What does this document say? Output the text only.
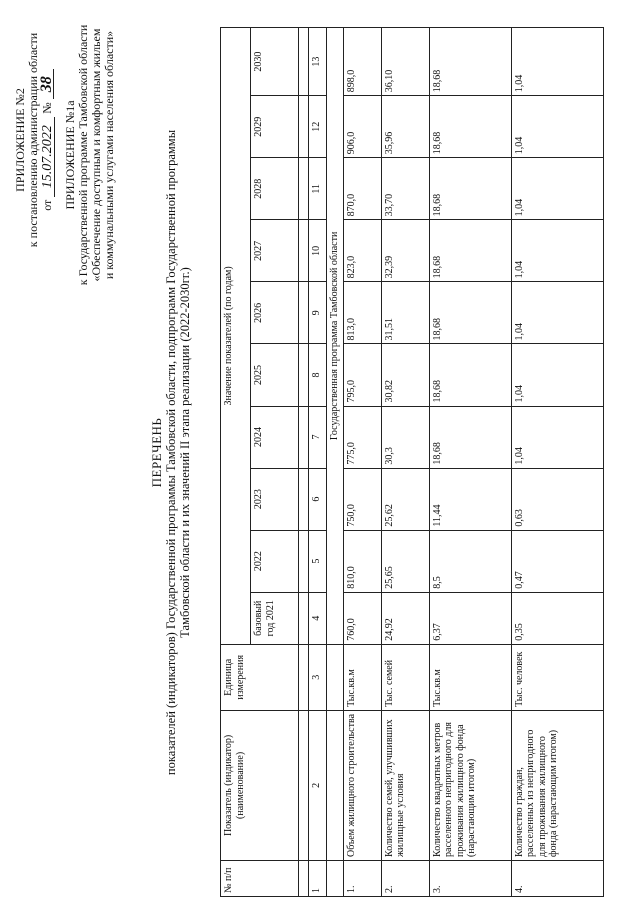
ПРИЛОЖЕНИЕ №2 к постановлению администрации области от 15.07.2022 № 38
ПРИЛОЖЕНИЕ №1а к Государственной программе Тамбовской области «Обеспечение доступным и комфортным жильем и коммунальными услугами населения области»
ПЕРЕЧЕНЬ показателей (индикаторов) Государственной программы Тамбовской области, подпрограмм Государственной программы Тамбовской области и их значений II этапа реализации (2022-2030гг.)
№ п/п	Показатель (индикатор) (наименование)	Единица измерения	Значение показателей (по годам)									
			базовый год 2021	2022	2023	2024	2025	2026	2027	2028	2029	2030

1	2	3	4	5	6	7	8	9	10	11	12	13
			Государственная программа Тамбовской области									
1.	Объем жилищного строительства	Тыс.кв.м	760,0	810,0	750,0	775,0	795,0	813,0	823,0	870,0	906,0	898,0
2.	Количество семей, улучшивших жилищные условия	Тыс. семей	24,92	25,65	25,62	30,3	30,82	31,51	32,39	33,70	35,96	36,10
3.	Количество квадратных метров расселенного непригодного для проживания жилищного фонда (нарастающим итогом)	Тыс.кв.м	6,37	8,5	11,44	18,68	18,68	18,68	18,68	18,68	18,68	18,68
4.	Количество граждан, расселенных из непригодного для проживания жилищного фонда (нарастающим итогом)	Тыс. человек	0,35	0,47	0,63	1,04	1,04	1,04	1,04	1,04	1,04	1,04
